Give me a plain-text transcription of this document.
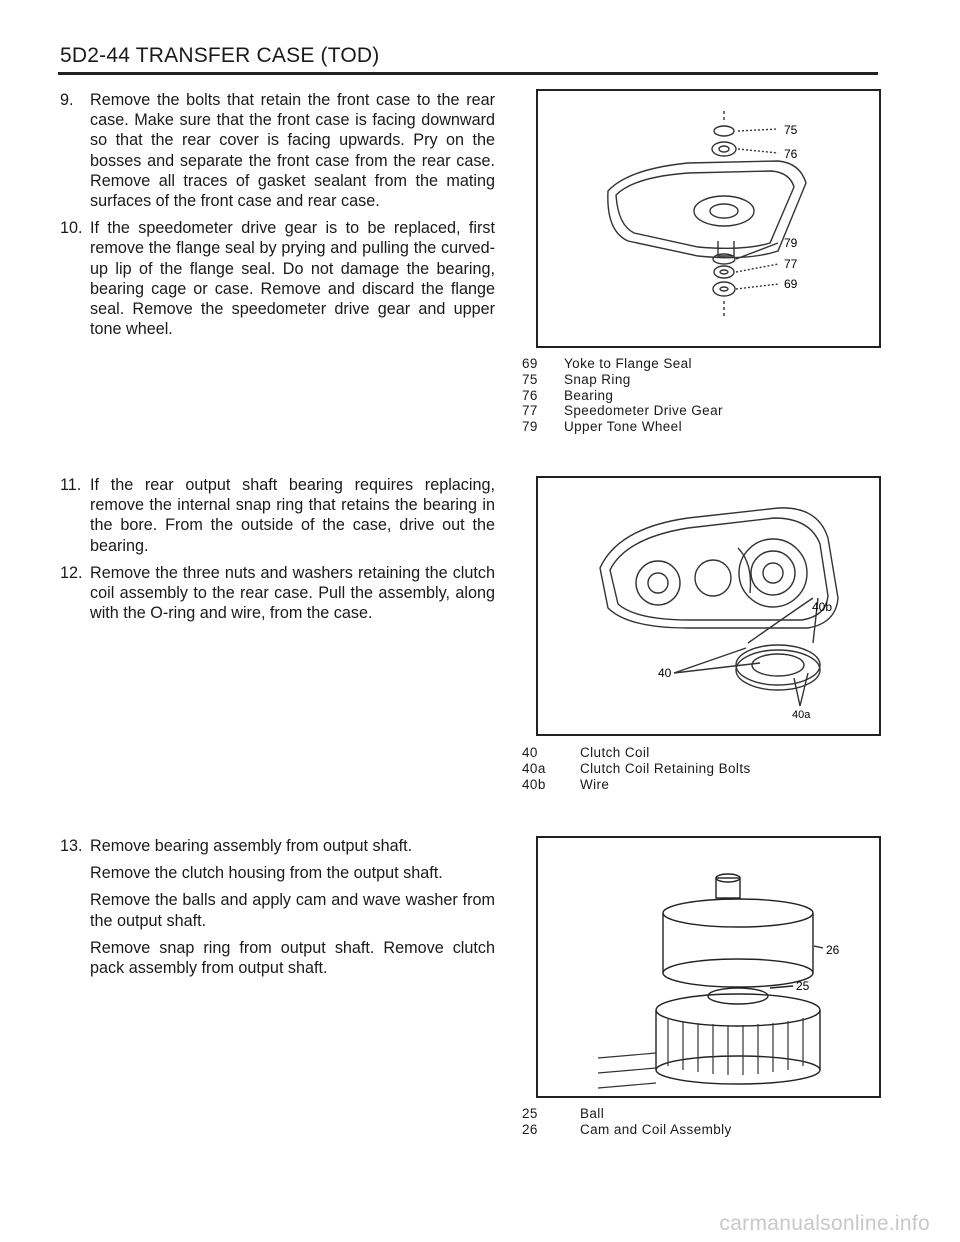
5D2-44 TRANSFER CASE (TOD)
9.	Remove the bolts that retain the front case to the rear case. Make sure that the front case is facing downward so that the rear cover is facing upwards. Pry on the bosses and separate the front case from the rear case. Remove all traces of gasket sealant from the mating surfaces of the front case and rear case.
10. If the speedometer drive gear is to be replaced, first remove the flange seal by prying and pulling the curved-up lip of the flange seal. Do not damage the bearing, bearing cage or case. Remove and discard the flange seal. Remove the speedometer drive gear and upper tone wheel.
75
76
79
77
69
69	Yoke to Flange Seal
75	Snap Ring
76	Bearing
77	Speedometer Drive Gear
79	Upper Tone Wheel
11. If the rear output shaft bearing requires replacing, remove the internal snap ring that retains the bearing in the bore. From the outside of the case, drive out the bearing.
12. Remove the three nuts and washers retaining the clutch coil assembly to the rear case. Pull the assembly, along with the O-ring and wire, from the case.	40b
40
40a
40	Clutch Coil
40a	Clutch Coil Retaining Bolts
40b	Wire
13. Remove bearing assembly from output shaft.
Remove the clutch housing from the output shaft.
Remove the balls and apply cam and wave washer from the output shaft.
Remove snap ring from output shaft. Remove clutch pack assembly from output shaft.
26
25
25	Ball
26	Cam and Coil Assembly
carmanualsonline.info
